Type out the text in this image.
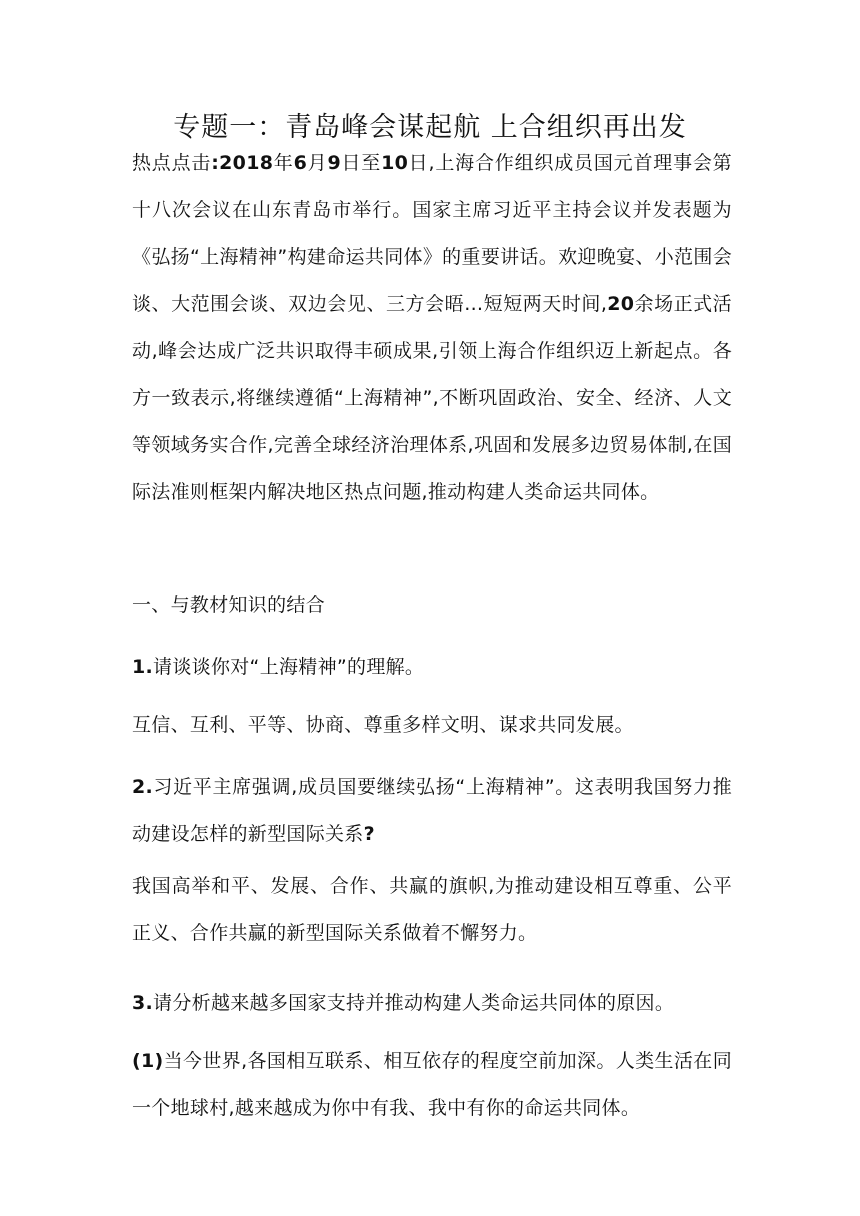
专题一：青岛峰会谋起航 上合组织再出发
热点点击:2018年6月9日至10日,上海合作组织成员国元首理事会第十八次会议在山东青岛市举行。国家主席习近平主持会议并发表题为《弘扬“上海精神”构建命运共同体》的重要讲话。欢迎晚宴、小范围会谈、大范围会谈、双边会见、三方会晤…短短两天时间,20余场正式活动,峰会达成广泛共识取得丰硕成果,引领上海合作组织迈上新起点。各方一致表示,将继续遵循“上海精神”,不断巩固政治、安全、经济、人文等领域务实合作,完善全球经济治理体系,巩固和发展多边贸易体制,在国际法准则框架内解决地区热点问题,推动构建人类命运共同体。
一、与教材知识的结合
1.请谈谈你对“上海精神”的理解。
互信、互利、平等、协商、尊重多样文明、谋求共同发展。
2.习近平主席强调,成员国要继续弘扬“上海精神”。这表明我国努力推动建设怎样的新型国际关系?
我国高举和平、发展、合作、共赢的旗帜,为推动建设相互尊重、公平正义、合作共赢的新型国际关系做着不懈努力。
3.请分析越来越多国家支持并推动构建人类命运共同体的原因。
(1)当今世界,各国相互联系、相互依存的程度空前加深。人类生活在同一个地球村,越来越成为你中有我、我中有你的命运共同体。
